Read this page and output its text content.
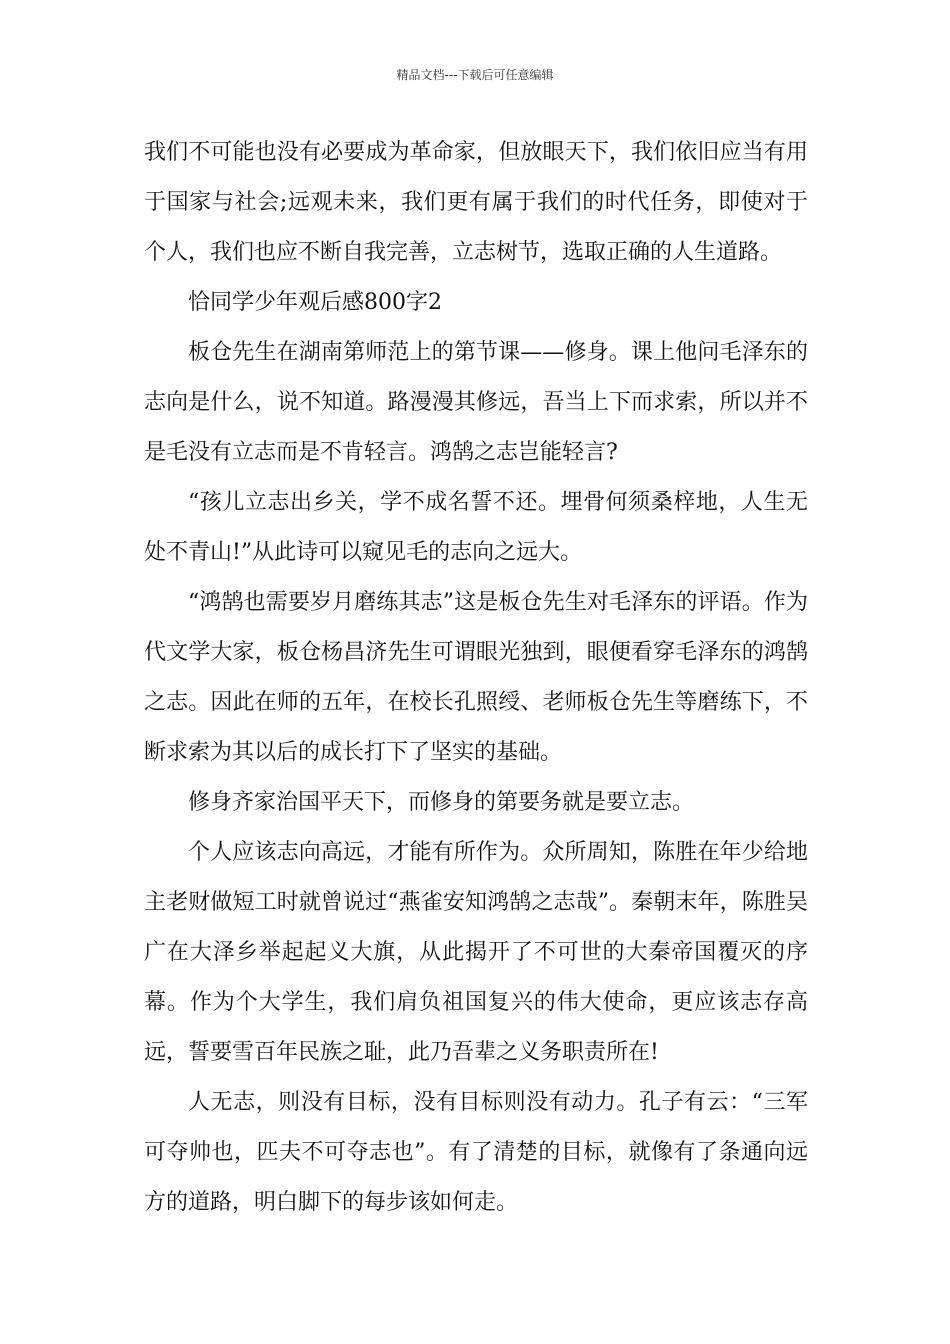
精品文档---下载后可任意编辑

我们不可能也没有必要成为革命家，但放眼天下，我们依旧应当有用于国家与社会;远观未来，我们更有属于我们的时代任务，即使对于个人，我们也应不断自我完善，立志树节，选取正确的人生道路。

恰同学少年观后感800字2

板仓先生在湖南第师范上的第节课——修身。课上他问毛泽东的志向是什么，说不知道。路漫漫其修远，吾当上下而求索，所以并不是毛没有立志而是不肯轻言。鸿鹄之志岂能轻言?

“孩儿立志出乡关，学不成名誓不还。埋骨何须桑梓地，人生无处不青山!”从此诗可以窥见毛的志向之远大。

“鸿鹄也需要岁月磨练其志”这是板仓先生对毛泽东的评语。作为代文学大家，板仓杨昌济先生可谓眼光独到，眼便看穿毛泽东的鸿鹄之志。因此在师的五年，在校长孔照绶、老师板仓先生等磨练下，不断求索为其以后的成长打下了坚实的基础。

修身齐家治国平天下，而修身的第要务就是要立志。

个人应该志向高远，才能有所作为。众所周知，陈胜在年少给地主老财做短工时就曾说过“燕雀安知鸿鹄之志哉”。秦朝末年，陈胜吴广在大泽乡举起起义大旗，从此揭开了不可世的大秦帝国覆灭的序幕。作为个大学生，我们肩负祖国复兴的伟大使命，更应该志存高远，誓要雪百年民族之耻，此乃吾辈之义务职责所在!

人无志，则没有目标，没有目标则没有动力。孔子有云：“三军可夺帅也，匹夫不可夺志也”。有了清楚的目标，就像有了条通向远方的道路，明白脚下的每步该如何走。
